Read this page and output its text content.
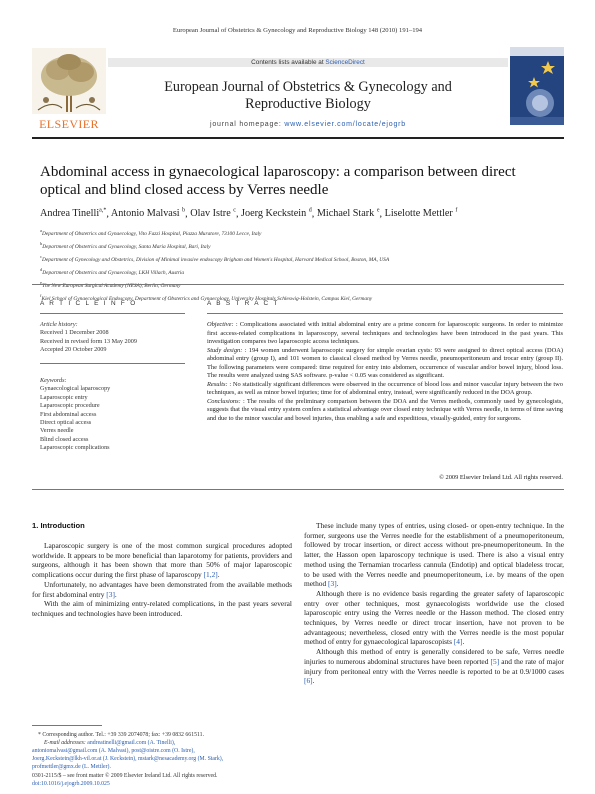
European Journal of Obstetrics & Gynecology and Reproductive Biology 148 (2010) 191–194
ELSEVIER
Contents lists available at ScienceDirect
European Journal of Obstetrics & Gynecology and
Reproductive Biology
journal homepage: www.elsevier.com/locate/ejogrb
Abdominal access in gynaecological laparoscopy: a comparison between direct optical and blind closed access by Verres needle
Andrea Tinelli$^{a,*}$, Antonio Malvasi $^b$, Olav Istre $^c$, Joerg Keckstein $^d$, Michael Stark $^e$, Liselotte Mettler $^f$
$^a$Department of Obstetrics and Gynaecology, Vito Fazzi Hospital, Piazza Muratore, 73100 Lecce, Italy
$^b$Department of Obstetrics and Gynaecology, Santa Maria Hospital, Bari, Italy
$^c$Department of Gynecology and Obstetrics, Division of Minimal invasive endoscopy Brigham and Women's Hospital, Harvard Medical School, Boston, MA, USA
$^d$Department of Obstetrics and Gynaecology, LKH Villach, Austria
$^e$The New European Surgical Academy (NESA), Berlin, Germany
$^f$Kiel School of Gynaecological Endoscopy, Department of Obstetrics and Gynaecology, University Hospitals Schleswig-Holstein, Campus Kiel, Germany
A R T I C L E I N F O	A B S T R A C T
Article history:
Received 1 December 2008
Received in revised form 13 May 2009
Accepted 20 October 2009
Keywords:
Gynaecological laparoscopy
Laparoscopic entry
Laparoscopic procedure
First abdominal access
Direct optical access
Verres needle
Blind closed access
Laparoscopic complications
Objective: : Complications associated with initial abdominal entry are a prime concern for laparoscopic surgeons. In order to minimize first access-related complications in laparoscopy, several techniques and technologies have been introduced in the past years. This investigation compares two laparoscopic access techniques.
Study design: : 194 women underwent laparoscopic surgery for simple ovarian cysts: 93 were assigned to direct optical access (DOA) abdominal entry (group I), and 101 women to classical closed method by Verres needle, pneumoperitoneum and trocar entry (group II). The following parameters were compared: time required for entry into abdomen, occurrence of vascular and/or bowel injury, blood loss. The results were analyzed using SAS software. p-value < 0.05 was considered as significant.
Results: : No statistically significant differences were observed in the occurrence of blood loss and minor vascular injury between the two techniques, as well as minor bowel injuries; time for of abdominal entry, instead, were significantly reduced in the DOA group.
Conclusions: : The results of the preliminary comparison between the DOA and the Verres methods, commonly used by gynecologists, suggests that the visual entry system confers a statistical advantage over closed entry technique with Verres needle, in terms of time saving and due to the minor vascular and bowel injuries, thus enabling a safe and expeditious, visually-guided, entry for surgeons.
© 2009 Elsevier Ireland Ltd. All rights reserved.
1. Introduction

Laparoscopic surgery is one of the most common surgical procedures adopted worldwide. It appears to be more beneficial than laparotomy for patients, providers and surgeons, although it has been shown that more than 50% of major laparoscopic complications occur during the first phase of laparoscopy [1,2].

Unfortunately, no advantages have been demonstrated from the available methods for first abdominal entry [3].

With the aim of minimizing entry-related complications, in the past years several techniques and technologies have been introduced.

These include many types of entries, using closed- or open-entry technique. In the former, surgeons use the Verres needle for the establishment of a pneumoperitoneum, followed by trocar insertion, or direct access without pre-pneumoperitoneum. In the latter, the Hasson open laparoscopy technique is used. There is also a visual entry method using the Ternamian trocarless cannula (Endotip) and optical bladeless trocar, to be used with the Verres needle and pneumoperitoneum, i.e. by means of the open method [3].

Although there is no evidence basis regarding the greater safety of laparoscopic entry over other techniques, most gynaecologists worldwide use the closed laparoscopic entry using the Verres needle or the Hasson method. The closed entry techniques, by Verres needle or direct trocar insertion, have not proven to be advantageous; nevertheless, closed entry with the Verres needle is the most popular method of entry for gynaecological laparoscopists [4].

Although this method of entry is generally considered to be safe, Verres needle injuries to numerous abdominal structures have been reported [5] and the rate of major injury from peritoneal entry with the Verres needle is reported to be at 0.9/1000 cases [6].

* Corresponding author. Tel.: +39 339 2074078; fax: +39 0832 661511.
E-mail addresses: andreatinelli@gmail.com (A. Tinelli),
antoniomalvasi@gmail.com (A. Malvasi), post@oistre.com (O. Istre),
Joerg.Keckstein@lkh-vil.or.at (J. Keckstein), mstark@nesacademy.org (M. Stark),
profmettler@gmx.de (L. Mettler).
0301-2115/$ – see front matter © 2009 Elsevier Ireland Ltd. All rights reserved.
doi:10.1016/j.ejogrb.2009.10.025
